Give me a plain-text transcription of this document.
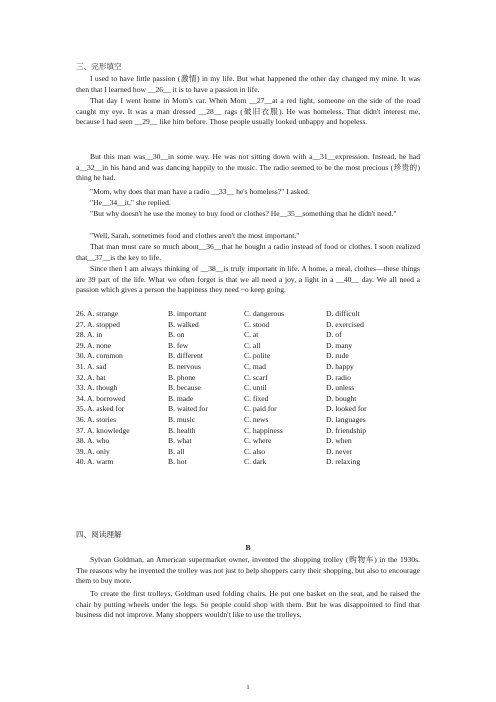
三、完形填空
I used to have little passion (激情) in my life. But what happened the other day changed my mine. It was then that I learned how __26__ it is to have a passion in life.
That day I went home in Mom's car. When Mom __27__at a red light, someone on the side of the road caught my eye. It was a man dressed __28__ rags (破旧衣服). He was homeless. That didn't interest me, because I had seen __29__ like him before. Those people usually looked unhappy and hopeless.
But this man was__30__in some way. He was not sitting down with a__31__expression. Instead, he had a__32__in his hand and was dancing happily to the music. The radio seemed to be the most precious (珍贵的) thing he had.
"Mom, why does that man have a radio __33__ he's homeless?" I asked.
"He__34__it," she replied.
"But why doesn't he use the money to buy food or clothes? He__35__something that he didn't need."
"Well, Sarah, sometimes food and clothes aren't the most important."
That man must care so much about__36__that he bought a radio instead of food or clothes. I soon realized that__37__is the key to life.
Since then I am always thinking of __38__is truly important in life. A home, a meal, clothes—these things are 39 part of the life. What we often forget is that we all need a joy, a light in a __40__ day. We all need a passion which gives a person the happiness they need ~o keep going.
26. A. strange	B. important	C. dangerous	D. difficult
27. A. stopped	B. walked	C. stood	D. exercised
28. A. in	B. on	C. at	D. of
29. A. none	B. few	C. all	D. many
30. A. common	B. different	C. polite	D. rude
31. A. sad	B. nervous	C. mad	D. happy
32. A. hat	B. phone	C. scarf	D. radio
33. A. though	B. because	C. until	D. unless
34. A. borrowed	B. made	C. fixed	D. bought
35. A. asked for	B. waited for	C. paid for	D. looked for
36. A. stories	B. music	C. news	D. languages
37. A. knowledge	B. health	C. happiness	D. friendship
38. A. who	B. what	C. where	D. when
39. A. only	B. all	C. also	D. never
40. A. warm	B. hot	C. dark	D. relaxing
四、阅读理解
B
Sylvan Goldman, an American supermarket owner, invented the shopping trolley (购物车) in the 1930s. The reasons why he invented the trolley was not just to help shoppers carry their shopping, but also to encourage them to buy more.
To create the first trolleys, Goldman used folding chairs. He put one basket on the seat, and he raised the chair by putting wheels under the legs. So people could shop with them. But he was disappointed to find that business did not improve. Many shoppers wouldn't like to use the trolleys,
1
